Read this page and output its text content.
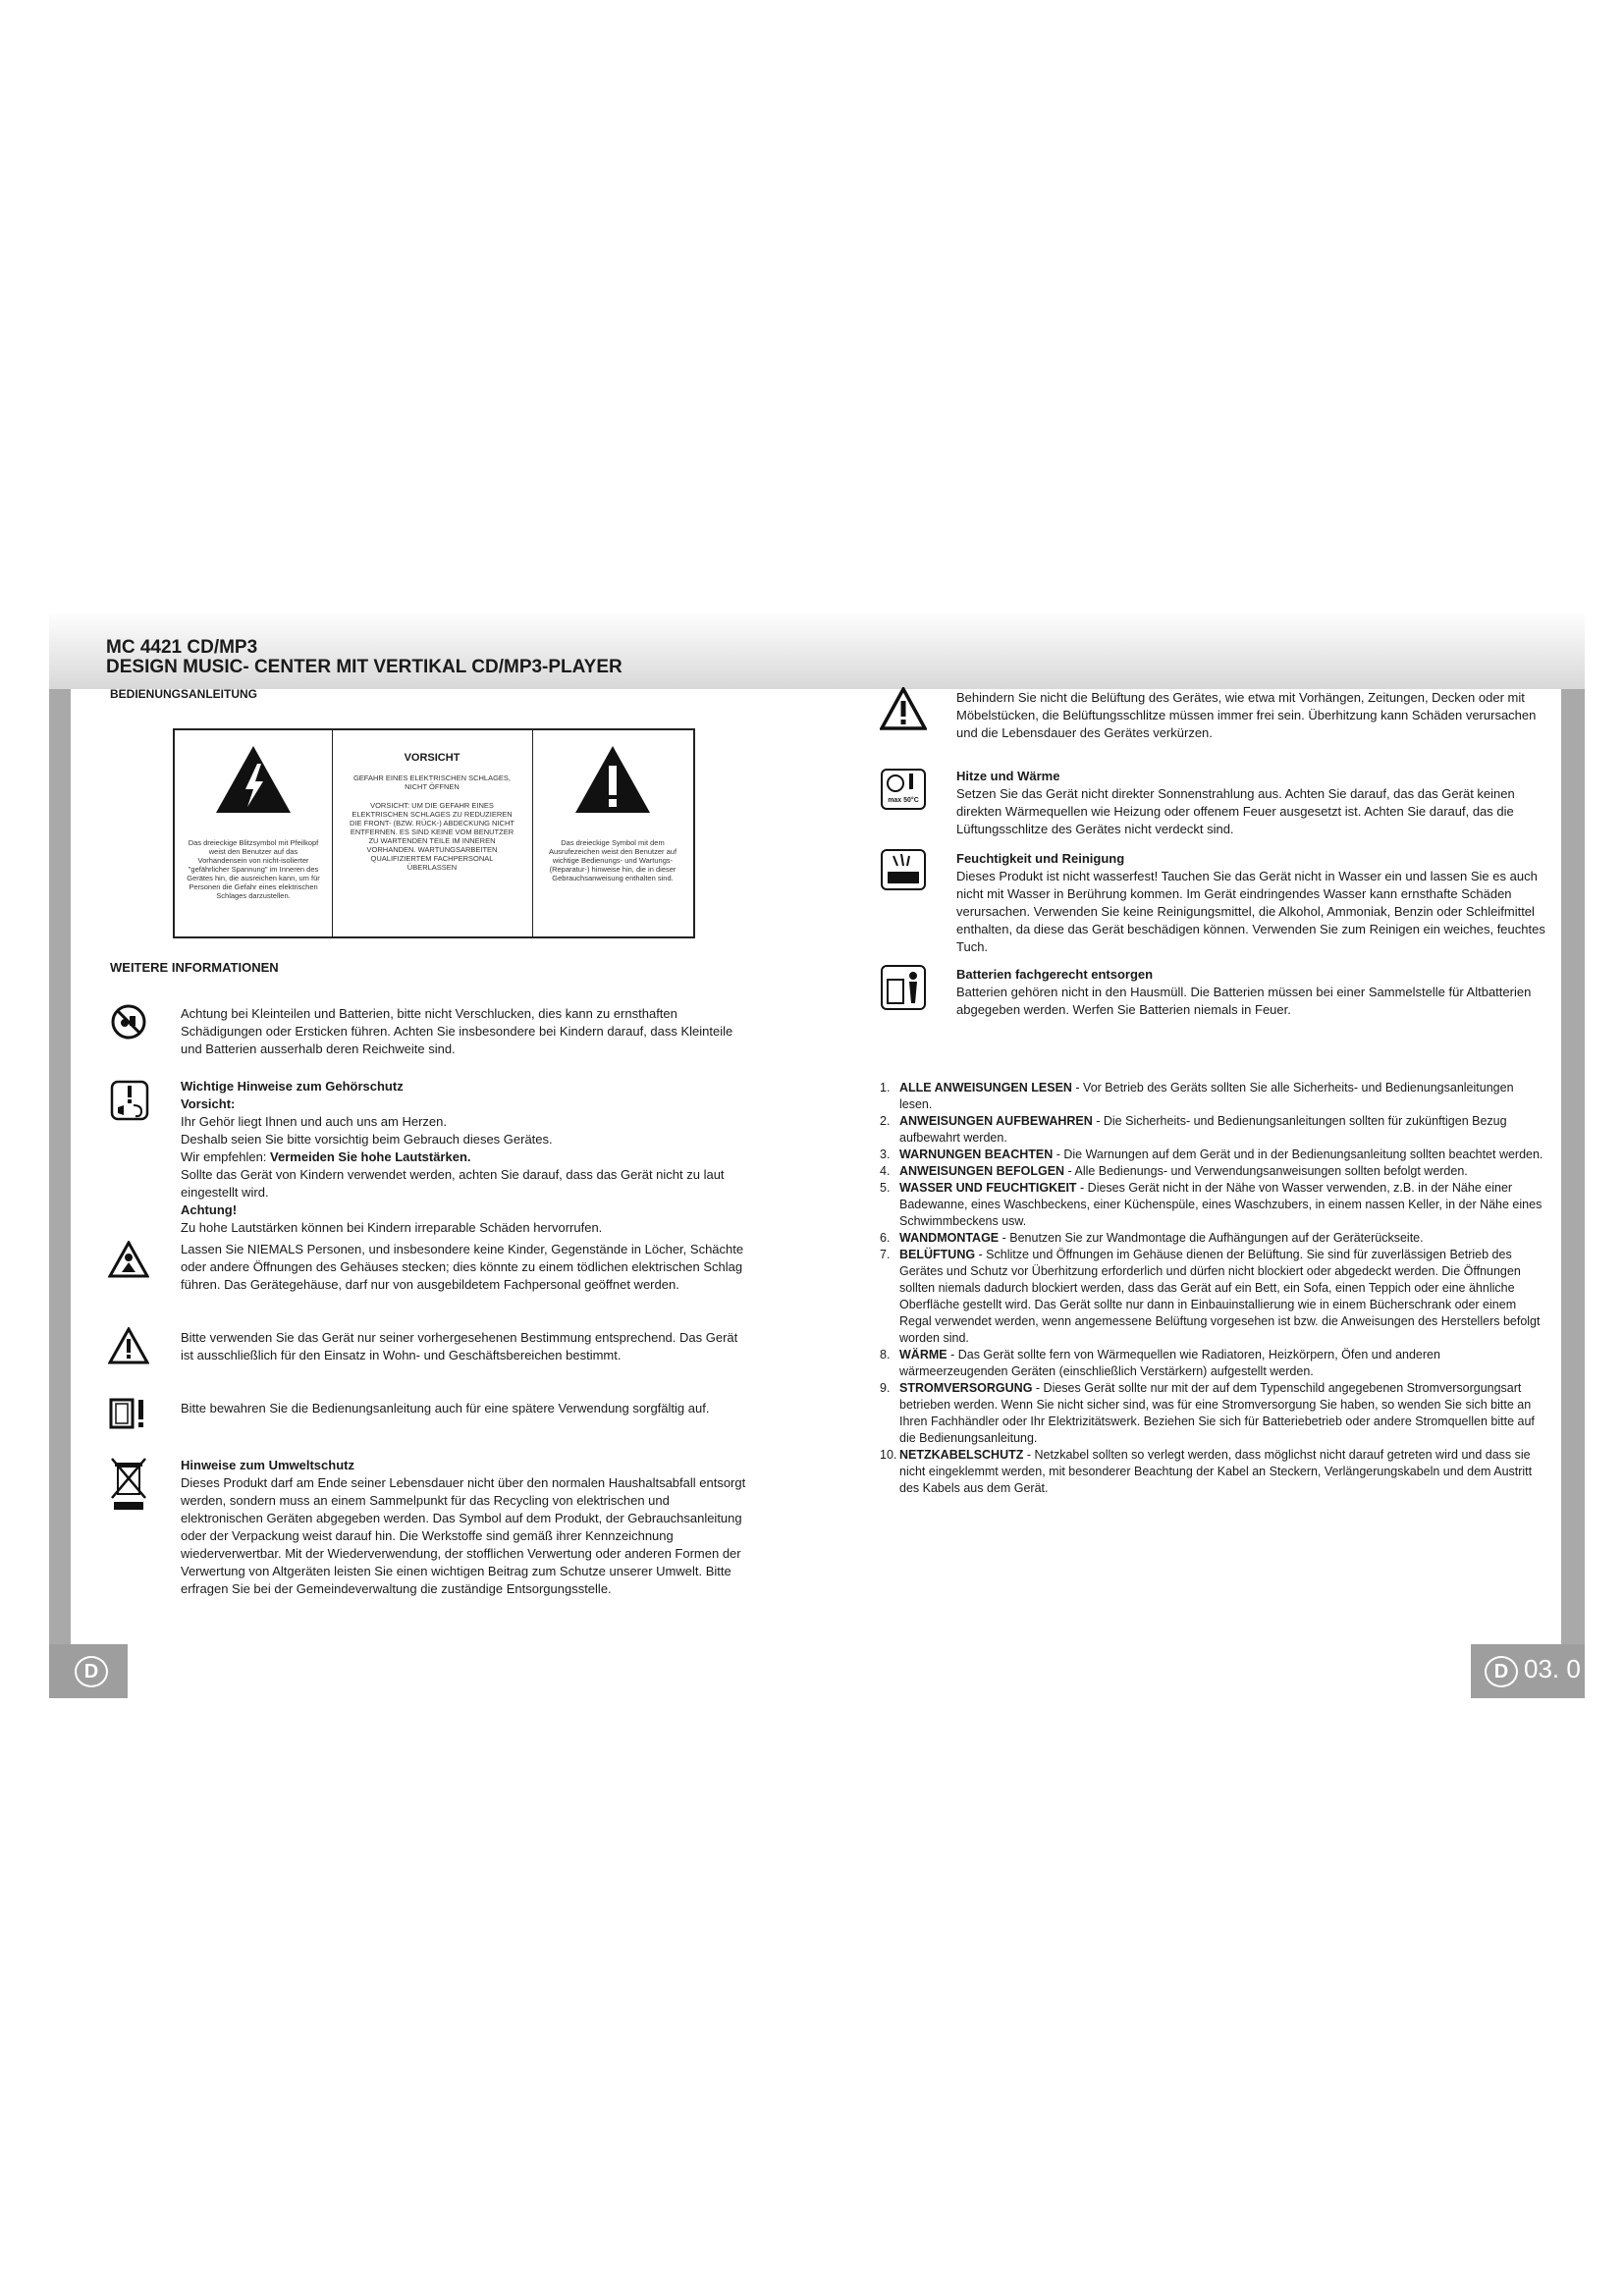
MC 4421 CD/MP3
DESIGN MUSIC- CENTER MIT VERTIKAL CD/MP3-PLAYER
BEDIENUNGSANLEITUNG
Das dreieckige Blitzsymbol mit Pfeilkopf weist den Benutzer auf das Vorhandensein von nicht-isolierter "gefährlicher Spannung" im Inneren des Gerätes hin, die ausreichen kann, um für Personen die Gefahr eines elektrischen Schlages darzustellen.
VORSICHT
GEFAHR EINES ELEKTRISCHEN SCHLAGES, NICHT ÖFFNEN
VORSICHT: UM DIE GEFAHR EINES ELEKTRISCHEN SCHLAGES ZU REDUZIEREN DIE FRONT- (BZW. RÜCK-) ABDECKUNG NICHT ENTFERNEN. ES SIND KEINE VOM BENUTZER ZU WARTENDEN TEILE IM INNEREN VORHANDEN. WARTUNGSARBEITEN QUALIFIZIERTEM FACHPERSONAL ÜBERLASSEN
Das dreieckige Symbol mit dem Ausrufezeichen weist den Benutzer auf wichtige Bedienungs- und Wartungs- (Reparatur-) hinweise hin, die in dieser Gebrauchsanweisung enthalten sind.
WEITERE INFORMATIONEN
Achtung bei Kleinteilen und Batterien, bitte nicht Verschlucken, dies kann zu ernsthaften Schädigungen oder Ersticken führen. Achten Sie insbesondere bei Kindern darauf, dass Kleinteile und Batterien ausserhalb deren Reichweite sind.
Wichtige Hinweise zum Gehörschutz
Vorsicht:
Ihr Gehör liegt Ihnen und auch uns am Herzen.
Deshalb seien Sie bitte vorsichtig beim Gebrauch dieses Gerätes.
Wir empfehlen: Vermeiden Sie hohe Lautstärken.
Sollte das Gerät von Kindern verwendet werden, achten Sie darauf, dass das Gerät nicht zu laut eingestellt wird.
Achtung!
Zu hohe Lautstärken können bei Kindern irreparable Schäden hervorrufen.
Lassen Sie NIEMALS Personen, und insbesondere keine Kinder, Gegenstände in Löcher, Schächte oder andere Öffnungen des Gehäuses stecken; dies könnte zu einem tödlichen elektrischen Schlag führen. Das Gerätegehäuse, darf nur von ausgebildetem Fachpersonal geöffnet werden.
Bitte verwenden Sie das Gerät nur seiner vorhergesehenen Bestimmung entsprechend. Das Gerät ist ausschließlich für den Einsatz in Wohn- und Geschäftsbereichen bestimmt.
Bitte bewahren Sie die Bedienungsanleitung auch für eine spätere Verwendung sorgfältig auf.
Hinweise zum Umweltschutz
Dieses Produkt darf am Ende seiner Lebensdauer nicht über den normalen Haushaltsabfall entsorgt werden, sondern muss an einem Sammelpunkt für das Recycling von elektrischen und elektronischen Geräten abgegeben werden. Das Symbol auf dem Produkt, der Gebrauchsanleitung oder der Verpackung weist darauf hin. Die Werkstoffe sind gemäß ihrer Kennzeichnung wiederverwertbar. Mit der Wiederverwendung, der stofflichen Verwertung oder anderen Formen der Verwertung von Altgeräten leisten Sie einen wichtigen Beitrag zum Schutze unserer Umwelt. Bitte erfragen Sie bei der Gemeindeverwaltung die zuständige Entsorgungsstelle.
Behindern Sie nicht die Belüftung des Gerätes, wie etwa mit Vorhängen, Zeitungen, Decken oder mit Möbelstücken, die Belüftungsschlitze müssen immer frei sein. Überhitzung kann Schäden verursachen und die Lebensdauer des Gerätes verkürzen.
max 50°C
Hitze und Wärme
Setzen Sie das Gerät nicht direkter Sonnenstrahlung aus. Achten Sie darauf, das das Gerät keinen direkten Wärmequellen wie Heizung oder offenem Feuer ausgesetzt ist. Achten Sie darauf, das die Lüftungsschlitze des Gerätes nicht verdeckt sind.
Feuchtigkeit und Reinigung
Dieses Produkt ist nicht wasserfest! Tauchen Sie das Gerät nicht in Wasser ein und lassen Sie es auch nicht mit Wasser in Berührung kommen. Im Gerät eindringendes Wasser kann ernsthafte Schäden verursachen. Verwenden Sie keine Reinigungsmittel, die Alkohol, Ammoniak, Benzin oder Schleifmittel enthalten, da diese das Gerät beschädigen können. Verwenden Sie zum Reinigen ein weiches, feuchtes Tuch.
Batterien fachgerecht entsorgen
Batterien gehören nicht in den Hausmüll. Die Batterien müssen bei einer Sammelstelle für Altbatterien abgegeben werden. Werfen Sie Batterien niemals in Feuer.
1. ALLE ANWEISUNGEN LESEN - Vor Betrieb des Geräts sollten Sie alle Sicherheits- und Bedienungsanleitungen lesen.
2. ANWEISUNGEN AUFBEWAHREN - Die Sicherheits- und Bedienungsanleitungen sollten für zukünftigen Bezug aufbewahrt werden.
3. WARNUNGEN BEACHTEN - Die Warnungen auf dem Gerät und in der Bedienungsanleitung sollten beachtet werden.
4. ANWEISUNGEN BEFOLGEN - Alle Bedienungs- und Verwendungsanweisungen sollten befolgt werden.
5. WASSER UND FEUCHTIGKEIT - Dieses Gerät nicht in der Nähe von Wasser verwenden, z.B. in der Nähe einer Badewanne, eines Waschbeckens, einer Küchenspüle, eines Waschzubers, in einem nassen Keller, in der Nähe eines Schwimmbeckens usw.
6. WANDMONTAGE - Benutzen Sie zur Wandmontage die Aufhängungen auf der Geräterückseite.
7. BELÜFTUNG - Schlitze und Öffnungen im Gehäuse dienen der Belüftung. Sie sind für zuverlässigen Betrieb des Gerätes und Schutz vor Überhitzung erforderlich und dürfen nicht blockiert oder abgedeckt werden. Die Öffnungen sollten niemals dadurch blockiert werden, dass das Gerät auf ein Bett, ein Sofa, einen Teppich oder eine ähnliche Oberfläche gestellt wird. Das Gerät sollte nur dann in Einbauinstallierung wie in einem Bücherschrank oder einem Regal verwendet werden, wenn angemessene Belüftung vorgesehen ist bzw. die Anweisungen des Herstellers befolgt worden sind.
8. WÄRME - Das Gerät sollte fern von Wärmequellen wie Radiatoren, Heizkörpern, Öfen und anderen wärmeerzeugenden Geräten (einschließlich Verstärkern) aufgestellt werden.
9. STROMVERSORGUNG - Dieses Gerät sollte nur mit der auf dem Typenschild angegebenen Stromversorgungsart betrieben werden. Wenn Sie nicht sicher sind, was für eine Stromversorgung Sie haben, so wenden Sie sich bitte an Ihren Fachhändler oder Ihr Elektrizitätswerk. Beziehen Sie sich für Batteriebetrieb oder andere Stromquellen bitte auf die Bedienungsanleitung.
10. NETZKABELSCHUTZ - Netzkabel sollten so verlegt werden, dass möglichst nicht darauf getreten wird und dass sie nicht eingeklemmt werden, mit besonderer Beachtung der Kabel an Steckern, Verlängerungskabeln und dem Austritt des Kabels aus dem Gerät.
D	D 03. 0
